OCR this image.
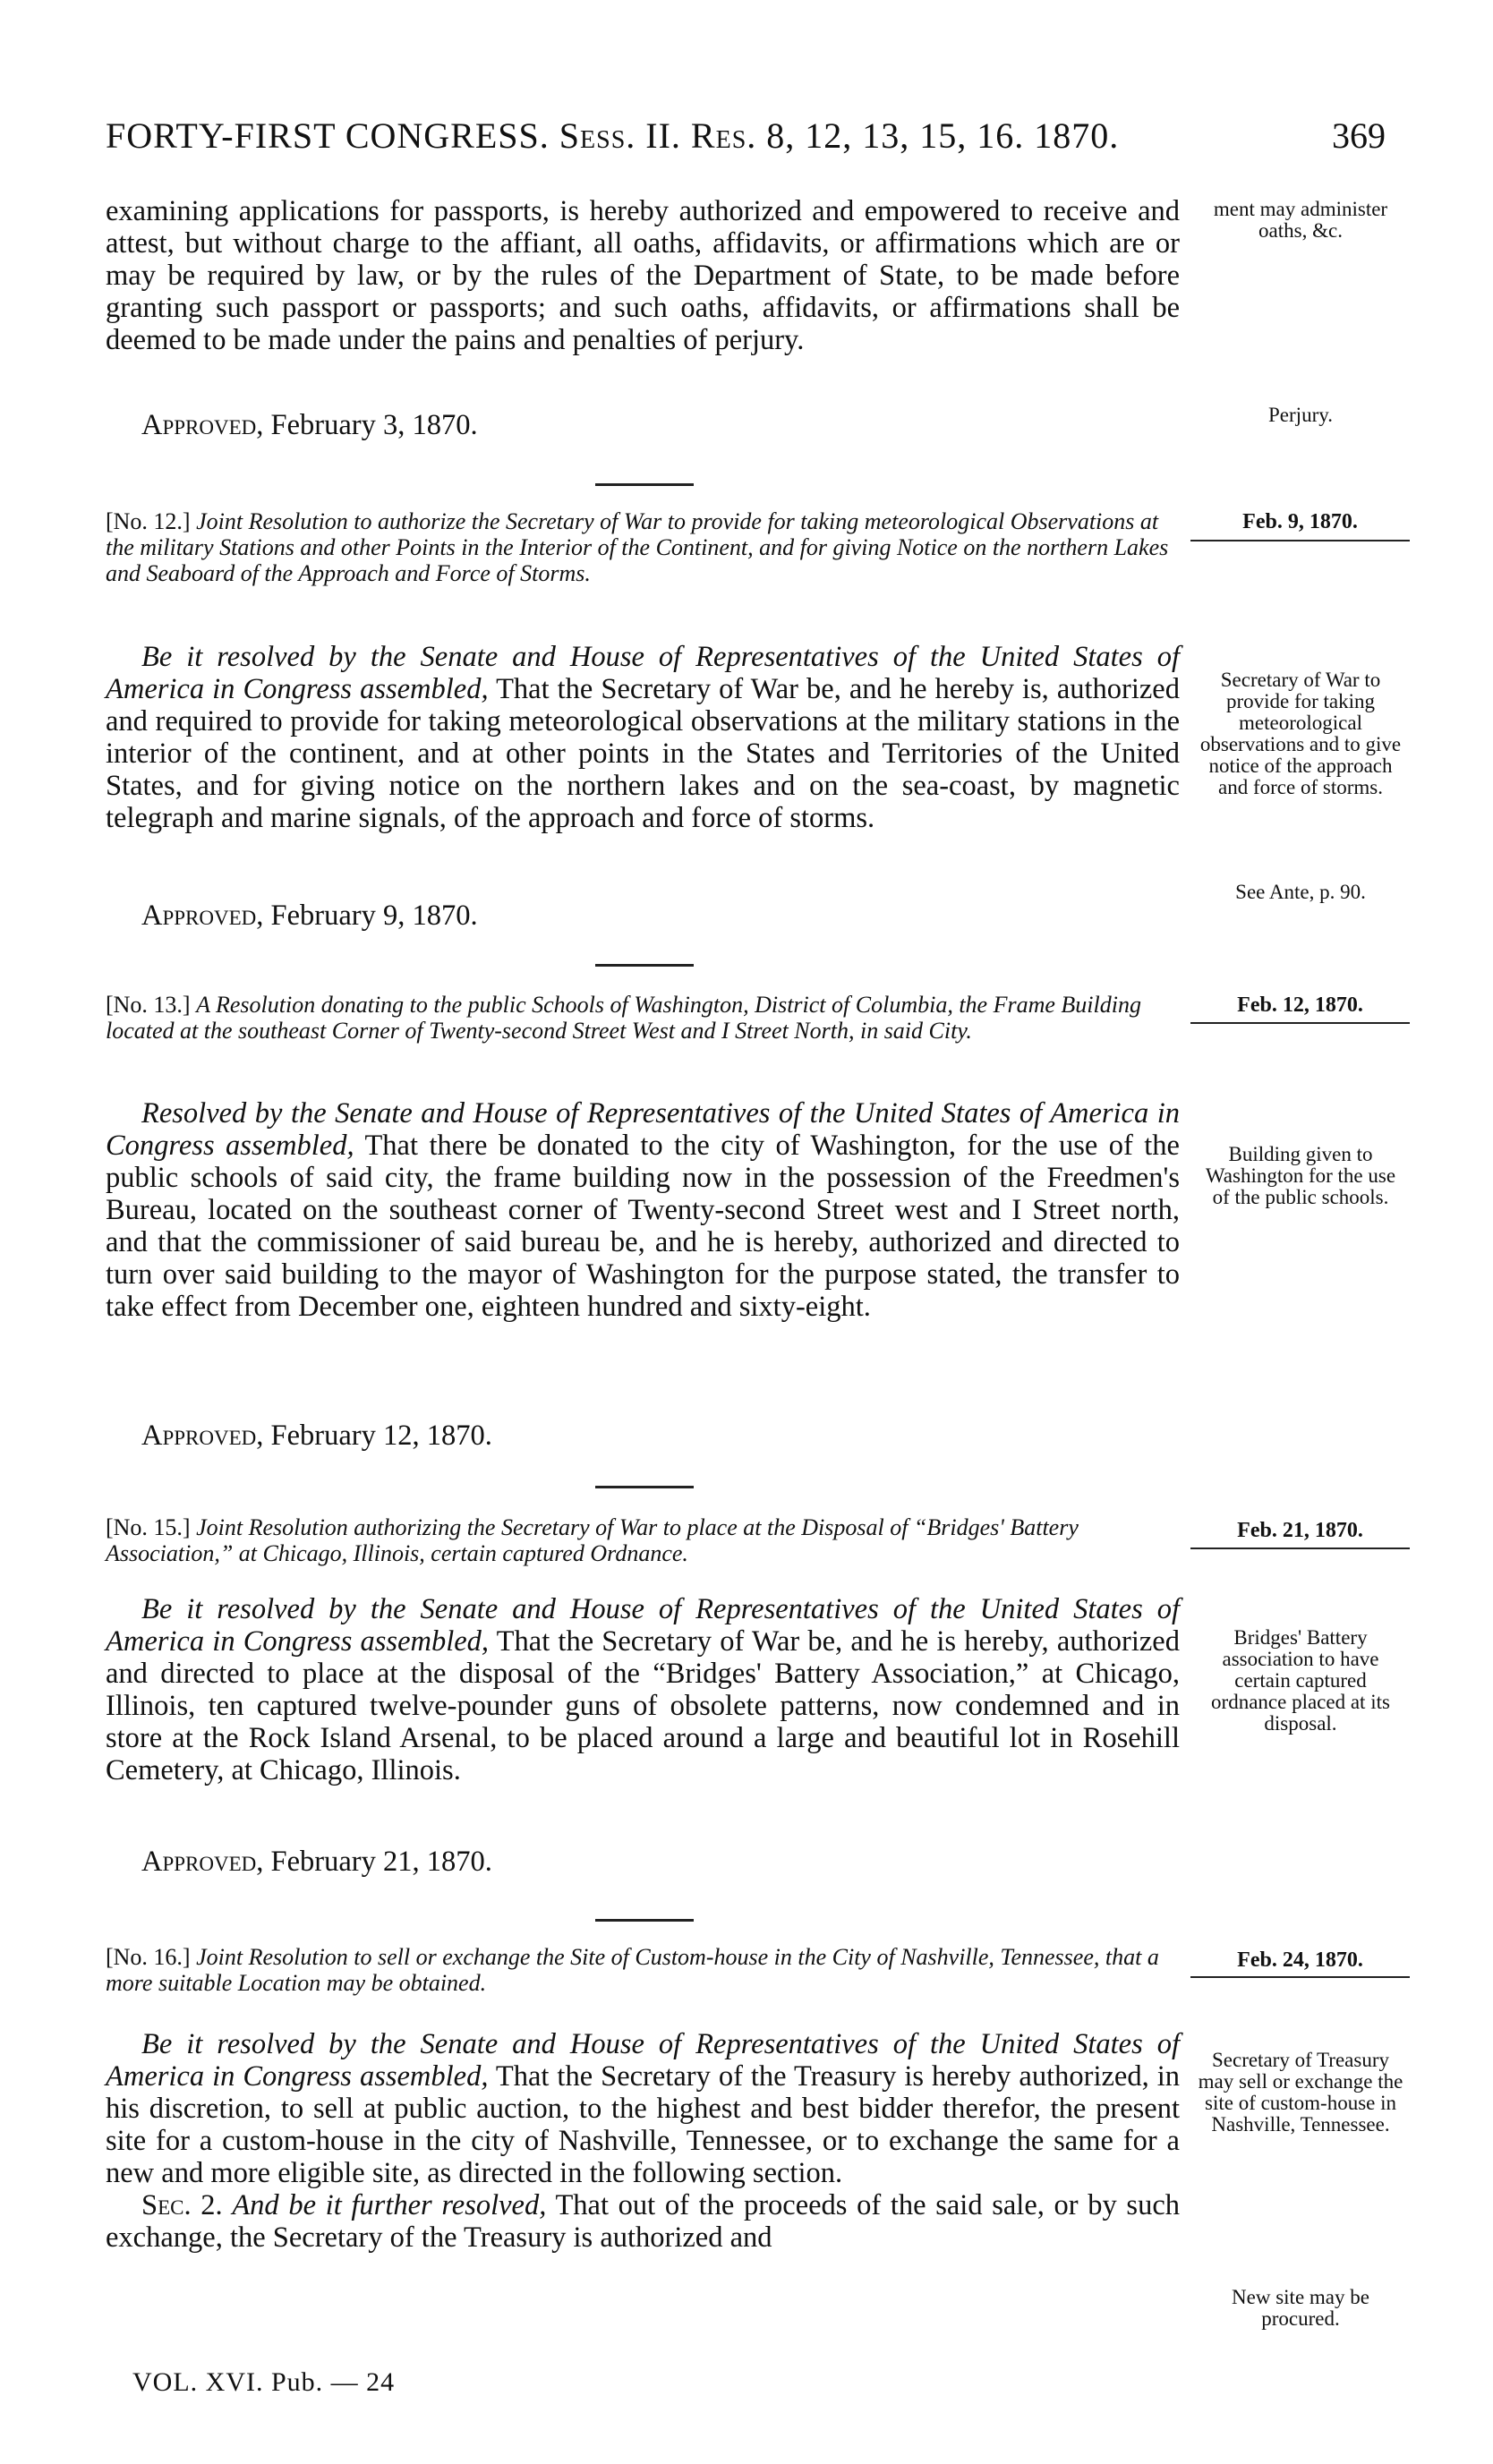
FORTY-FIRST CONGRESS. Sess. II. Res. 8, 12, 13, 15, 16. 1870.	369

examining applications for passports, is hereby authorized and empowered to receive and attest, but without charge to the affiant, all oaths, affidavits, or affirmations which are or may be required by law, or by the rules of the Department of State, to be made before granting such passport or passports; and such oaths, affidavits, or affirmations shall be deemed to be made under the pains and penalties of perjury.

ment may administer oaths, &c.
Perjury.
Approved, February 3, 1870.
[No. 12.] Joint Resolution to authorize the Secretary of War to provide for taking meteorological Observations at the military Stations and other Points in the Interior of the Continent, and for giving Notice on the northern Lakes and Seaboard of the Approach and Force of Storms.
Feb. 9, 1870.

Be it resolved by the Senate and House of Representatives of the United States of America in Congress assembled, That the Secretary of War be, and he hereby is, authorized and required to provide for taking meteorological observations at the military stations in the interior of the continent, and at other points in the States and Territories of the United States, and for giving notice on the northern lakes and on the sea-coast, by magnetic telegraph and marine signals, of the approach and force of storms.

Secretary of War to provide for taking meteorological observations and to give notice of the approach and force of storms.
See Ante, p. 90.
Approved, February 9, 1870.
[No. 13.] A Resolution donating to the public Schools of Washington, District of Columbia, the Frame Building located at the southeast Corner of Twenty-second Street West and I Street North, in said City.
Feb. 12, 1870.

Resolved by the Senate and House of Representatives of the United States of America in Congress assembled, That there be donated to the city of Washington, for the use of the public schools of said city, the frame building now in the possession of the Freedmen's Bureau, located on the southeast corner of Twenty-second Street west and I Street north, and that the commissioner of said bureau be, and he is hereby, authorized and directed to turn over said building to the mayor of Washington for the purpose stated, the transfer to take effect from December one, eighteen hundred and sixty-eight.

Building given to Washington for the use of the public schools.
Approved, February 12, 1870.
[No. 15.] Joint Resolution authorizing the Secretary of War to place at the Disposal of “Bridges' Battery Association,” at Chicago, Illinois, certain captured Ordnance.
Feb. 21, 1870.

Be it resolved by the Senate and House of Representatives of the United States of America in Congress assembled, That the Secretary of War be, and he is hereby, authorized and directed to place at the disposal of the “Bridges' Battery Association,” at Chicago, Illinois, ten captured twelve-pounder guns of obsolete patterns, now condemned and in store at the Rock Island Arsenal, to be placed around a large and beautiful lot in Rosehill Cemetery, at Chicago, Illinois.

Bridges' Battery association to have certain captured ordnance placed at its disposal.
Approved, February 21, 1870.
[No. 16.] Joint Resolution to sell or exchange the Site of Custom-house in the City of Nashville, Tennessee, that a more suitable Location may be obtained.
Feb. 24, 1870.

Be it resolved by the Senate and House of Representatives of the United States of America in Congress assembled, That the Secretary of the Treasury is hereby authorized, in his discretion, to sell at public auction, to the highest and best bidder therefor, the present site for a custom-house in the city of Nashville, Tennessee, or to exchange the same for a new and more eligible site, as directed in the following section.

Sec. 2. And be it further resolved, That out of the proceeds of the said sale, or by such exchange, the Secretary of the Treasury is authorized and

Secretary of Treasury may sell or exchange the site of custom-house in Nashville, Tennessee.
New site may be procured.
VOL. XVI. Pub. — 24
